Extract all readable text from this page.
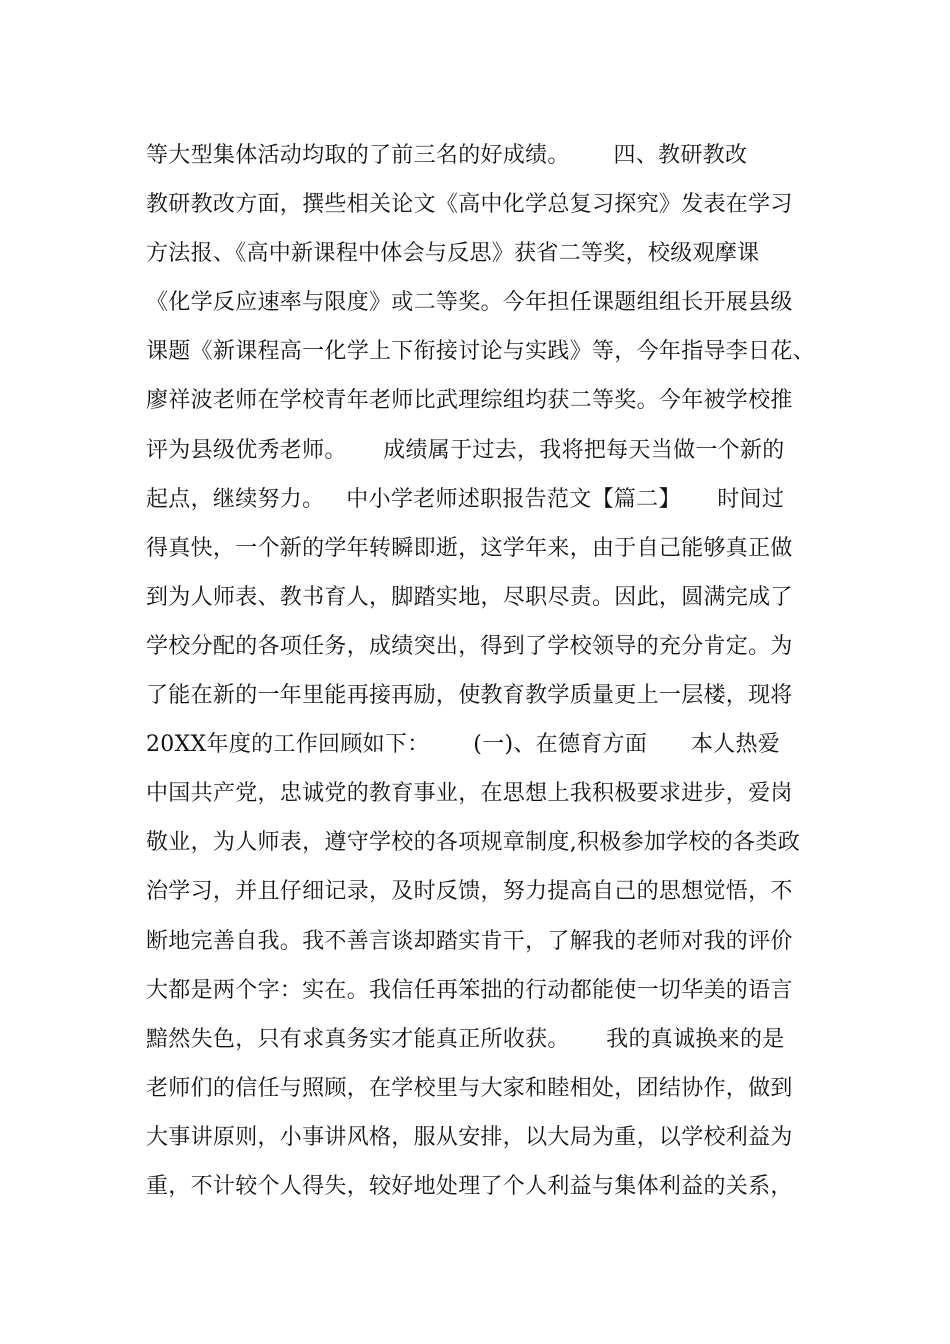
等大型集体活动均取的了前三名的好成绩。      四、教研教改
教研教改方面，撰些相关论文《高中化学总复习探究》发表在学习
方法报、《高中新课程中体会与反思》获省二等奖，校级观摩课
《化学反应速率与限度》或二等奖。今年担任课题组组长开展县级
课题《新课程高一化学上下衔接讨论与实践》等，今年指导李日花、
廖祥波老师在学校青年老师比武理综组均获二等奖。今年被学校推
评为县级优秀老师。     成绩属于过去，我将把每天当做一个新的
起点，继续努力。   中小学老师述职报告范文【篇二】     时间过
得真快，一个新的学年转瞬即逝，这学年来，由于自己能够真正做
到为人师表、教书育人，脚踏实地，尽职尽责。因此，圆满完成了
学校分配的各项任务，成绩突出，得到了学校领导的充分肯定。为
了能在新的一年里能再接再励，使教育教学质量更上一层楼，现将
20XX年度的工作回顾如下：      (一)、在德育方面      本人热爱
中国共产党，忠诚党的教育事业，在思想上我积极要求进步，爱岗
敬业，为人师表，遵守学校的各项规章制度,积极参加学校的各类政
治学习，并且仔细记录，及时反馈，努力提高自己的思想觉悟，不
断地完善自我。我不善言谈却踏实肯干，了解我的老师对我的评价
大都是两个字：实在。我信任再笨拙的行动都能使一切华美的语言
黯然失色，只有求真务实才能真正所收获。     我的真诚换来的是
老师们的信任与照顾，在学校里与大家和睦相处，团结协作，做到
大事讲原则，小事讲风格，服从安排，以大局为重，以学校利益为
重，不计较个人得失，较好地处理了个人利益与集体利益的关系，
